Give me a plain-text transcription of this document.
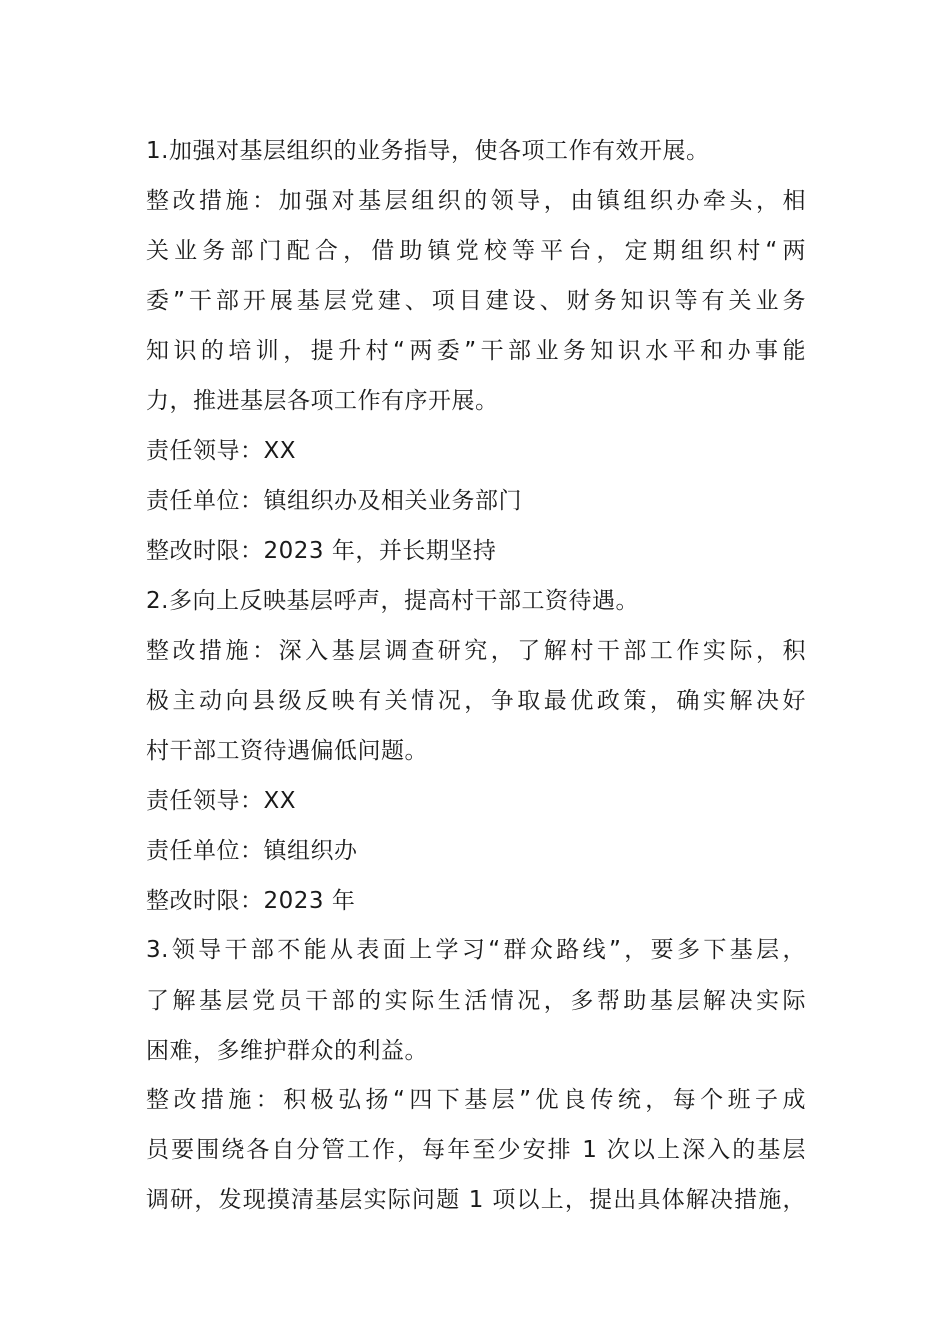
1.加强对基层组织的业务指导，使各项工作有效开展。
整改措施：加强对基层组织的领导，由镇组织办牵头，相
关业务部门配合，借助镇党校等平台，定期组织村“两
委”干部开展基层党建、项目建设、财务知识等有关业务
知识的培训，提升村“两委”干部业务知识水平和办事能
力，推进基层各项工作有序开展。
责任领导：XX
责任单位：镇组织办及相关业务部门
整改时限：2023 年，并长期坚持
2.多向上反映基层呼声，提高村干部工资待遇。
整改措施：深入基层调查研究，了解村干部工作实际，积
极主动向县级反映有关情况，争取最优政策，确实解决好
村干部工资待遇偏低问题。
责任领导：XX
责任单位：镇组织办
整改时限：2023 年
3.领导干部不能从表面上学习“群众路线”，要多下基层，
了解基层党员干部的实际生活情况，多帮助基层解决实际
困难，多维护群众的利益。
整改措施：积极弘扬“四下基层”优良传统，每个班子成
员要围绕各自分管工作，每年至少安排 1 次以上深入的基层
调研，发现摸清基层实际问题 1 项以上，提出具体解决措施，
